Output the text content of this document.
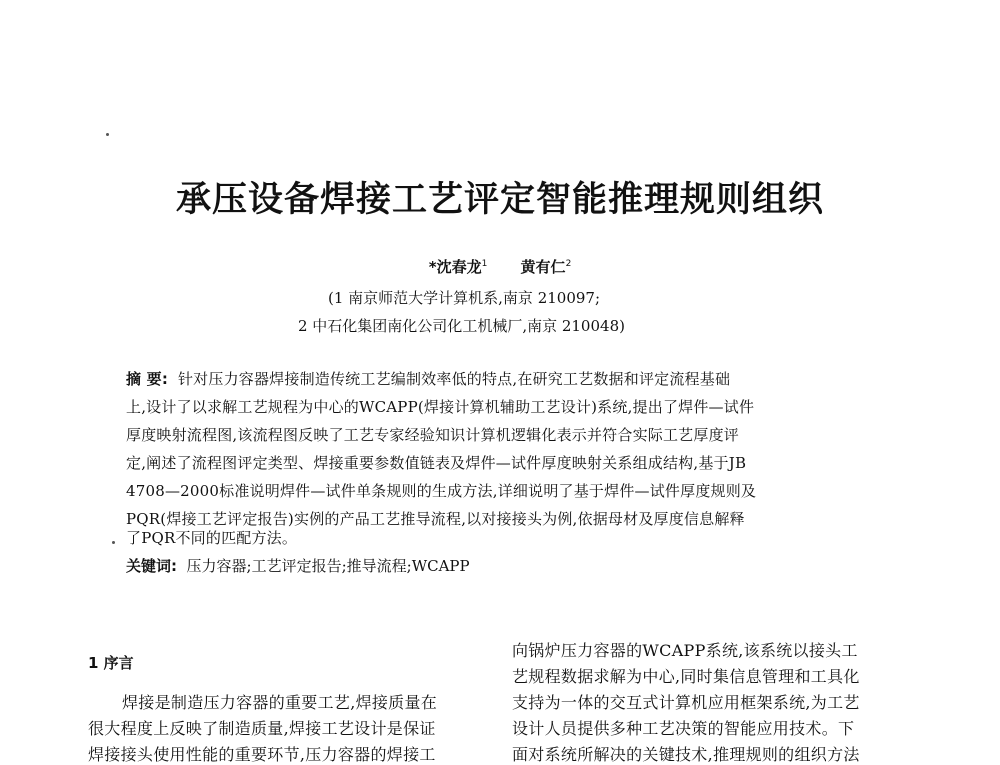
承压设备焊接工艺评定智能推理规则组织
*沈春龙$^1$ 黄有仁$^2$
(1 南京师范大学计算机系,南京 210097;
2 中石化集团南化公司化工机械厂,南京 210048)
摘 要: 针对压力容器焊接制造传统工艺编制效率低的特点,在研究工艺数据和评定流程基础
上,设计了以求解工艺规程为中心的WCAPP(焊接计算机辅助工艺设计)系统,提出了焊件—试件
厚度映射流程图,该流程图反映了工艺专家经验知识计算机逻辑化表示并符合实际工艺厚度评
定,阐述了流程图评定类型、焊接重要参数值链表及焊件—试件厚度映射关系组成结构,基于JB
4708—2000标准说明焊件—试件单条规则的生成方法,详细说明了基于焊件—试件厚度规则及
PQR(焊接工艺评定报告)实例的产品工艺推导流程,以对接接头为例,依据母材及厚度信息解释
了PQR不同的匹配方法。
关键词: 压力容器;工艺评定报告;推导流程;WCAPP
1 序言
焊接是制造压力容器的重要工艺,焊接质量在
很大程度上反映了制造质量,焊接工艺设计是保证
焊接接头使用性能的重要环节,压力容器的焊接工
向锅炉压力容器的WCAPP系统,该系统以接头工
艺规程数据求解为中心,同时集信息管理和工具化
支持为一体的交互式计算机应用框架系统,为工艺
设计人员提供多种工艺决策的智能应用技术。下
面对系统所解决的关键技术,推理规则的组织方法
